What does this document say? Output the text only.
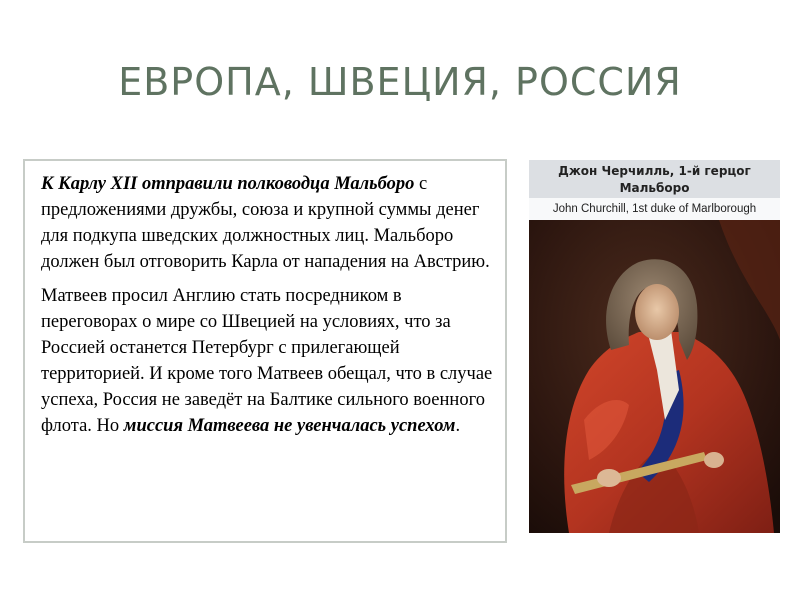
ЕВРОПА, ШВЕЦИЯ, РОССИЯ

К Карлу XII отправили полководца Мальборо с предложениями дружбы, союза и крупной суммы денег для подкупа шведских должностных лиц. Мальборо должен был отговорить Карла от нападения на Австрию.

Матвеев просил Англию стать посредником в переговорах о мире со Швецией на условиях, что за Россией останется Петербург с прилегающей территорией. И кроме того Матвеев обещал, что в случае успеха, Россия не заведёт на Балтике сильного военного флота. Но миссия Матвеева не увенчалась успехом.

Джон Черчилль, 1-й герцог
Мальборо
John Churchill, 1st duke of Marlborough
